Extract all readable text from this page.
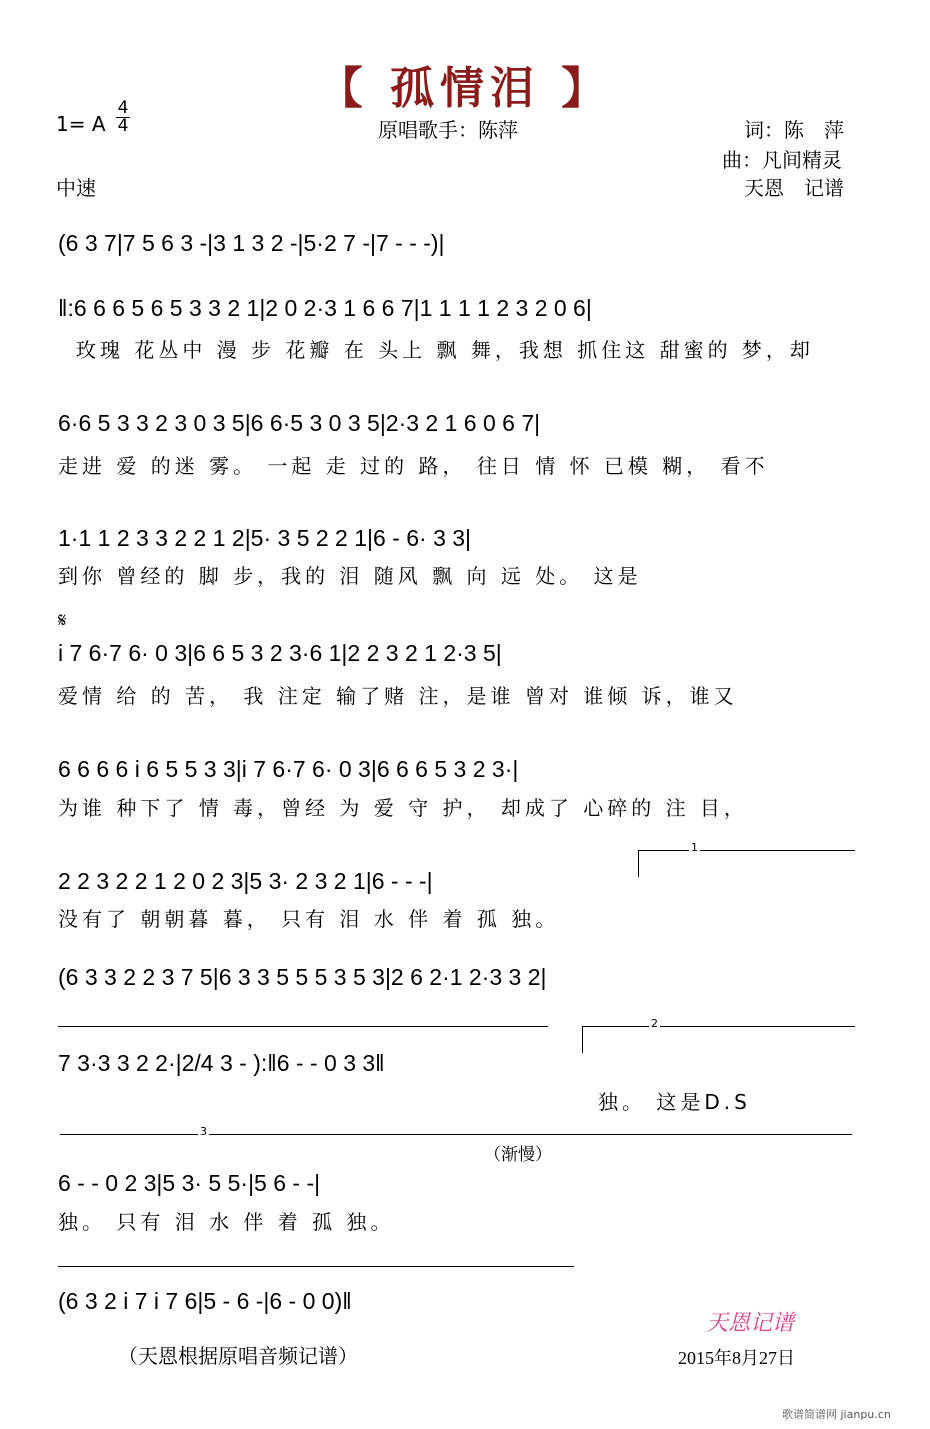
【 孤情泪 】
1= A
4
4	原唱歌手：陈萍	词：陈　萍
曲：凡间精灵
中速	天恩　记谱
(6 3 7|7 5 6 3 -|3 1 3 2 -|5·2 7 -|7 - - -)|
‖:6 6 6 5 6 5 3 3 2 1|2 0 2·3 1 6 6 7|1 1 1 1 2 3 2 0 6|
玫瑰 花丛中 漫 步 花瓣 在 头上 飘 舞，我想 抓住这 甜蜜的 梦，却
6·6 5 3 3 2 3 0 3 5|6 6·5 3 0 3 5|2·3 2 1 6 0 6 7|
走进 爱 的迷 雾。 一起 走 过的 路， 往日 情 怀 已模 糊， 看不
1·1 1 2 3 3 2 2 1 2|5· 3 5 2 2 1|6 - 6· 3 3|
到你 曾经的 脚 步，我的 泪 随风 飘 向 远 处。 这是
𝄋
i 7 6·7 6· 0 3|6 6 5 3 2 3·6 1|2 2 3 2 1 2·3 5|
爱情 给 的 苦， 我 注定 输了赌 注，是谁 曾对 谁倾 诉，谁又
6 6 6 6 i 6 5 5 3 3|i 7 6·7 6· 0 3|6 6 6 5 3 2 3·|
为谁 种下了 情 毒，曾经 为 爱 守 护， 却成了 心碎的 注 目，
1
2 2 3 2 2 1 2 0 2 3|5 3· 2 3 2 1|6 - - -|
没有了 朝朝暮 暮， 只有 泪 水 伴 着 孤 独。
(6 3 3 2 2 3 7 5|6 3 3 5 5 5 3 5 3|2 6 2·1 2·3 3 2|
2
7 3·3 3 2 2·|2/4 3 - ):‖6 - - 0 3 3‖
独。 这是D.S
3
（渐慢）
6 - - 0 2 3|5 3· 5 5·|5 6 - -|
独。 只有 泪 水 伴 着 孤 独。
(6 3 2 i 7 i 7 6|5 - 6 -|6 - 0 0)‖
天恩记谱
（天恩根据原唱音频记谱）	2015年8月27日
歌谱简谱网 jianpu.cn
